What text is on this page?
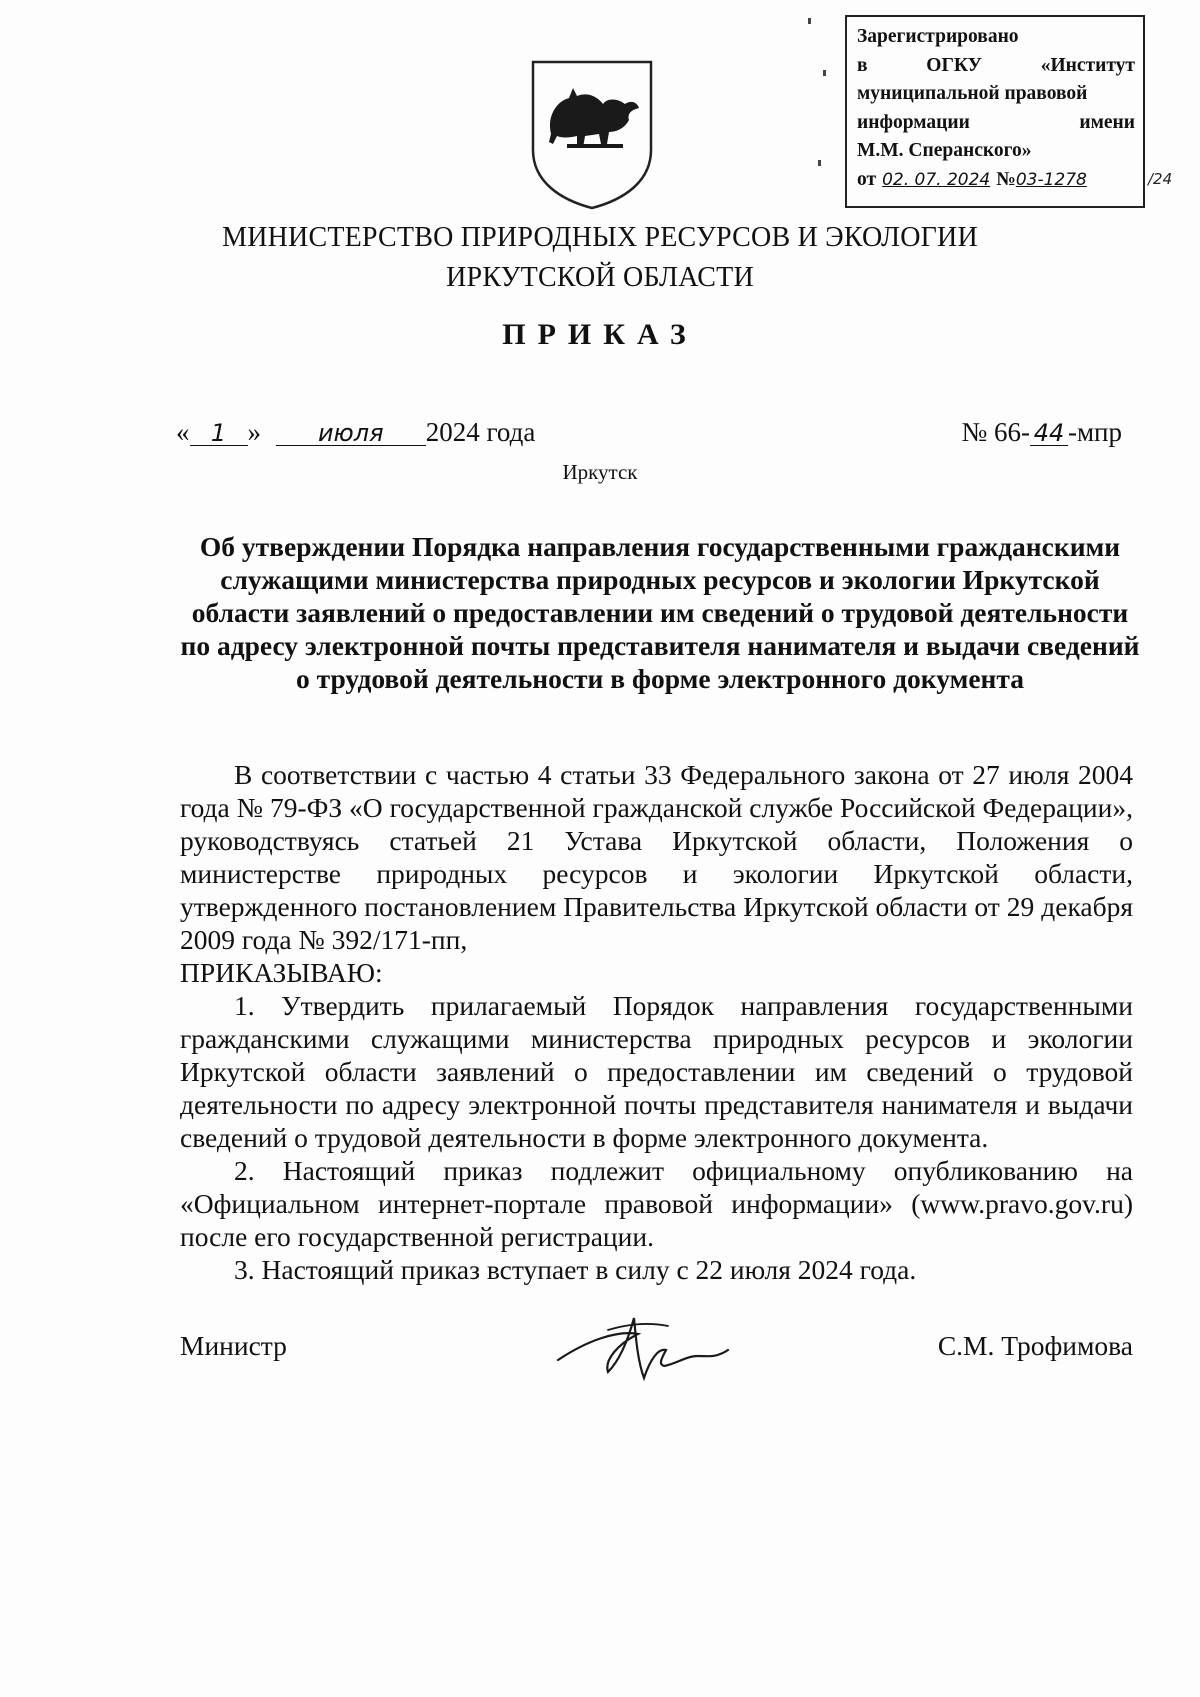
Зарегистрировано
в	ОГКУ	«Институт
муниципальной правовой
информации	имени
М.М. Сперанского»
от 02. 07. 2024 № 03-1278	/24
МИНИСТЕРСТВО ПРИРОДНЫХ РЕСУРСОВ И ЭКОЛОГИИ
ИРКУТСКОЙ ОБЛАСТИ
ПРИКАЗ
« 1 » июля 2024 года	№ 66- 44 -мпр
Иркутск
Об утверждении Порядка направления государственными гражданскими служащими министерства природных ресурсов и экологии Иркутской области заявлений о предоставлении им сведений о трудовой деятельности по адресу электронной почты представителя нанимателя и выдачи сведений о трудовой деятельности в форме электронного документа

В соответствии с частью 4 статьи 33 Федерального закона от 27 июля 2004 года № 79-ФЗ «О государственной гражданской службе Российской Федерации», руководствуясь статьей 21 Устава Иркутской области, Положения о министерстве природных ресурсов и экологии Иркутской области, утвержденного постановлением Правительства Иркутской области от 29 декабря 2009 года № 392/171-пп,

ПРИКАЗЫВАЮ:

1. Утвердить прилагаемый Порядок направления государственными гражданскими служащими министерства природных ресурсов и экологии Иркутской области заявлений о предоставлении им сведений о трудовой деятельности по адресу электронной почты представителя нанимателя и выдачи сведений о трудовой деятельности в форме электронного документа.

2. Настоящий приказ подлежит официальному опубликованию на «Официальном интернет-портале правовой информации» (www.pravo.gov.ru) после его государственной регистрации.

3. Настоящий приказ вступает в силу с 22 июля 2024 года.

Министр	С.М. Трофимова
